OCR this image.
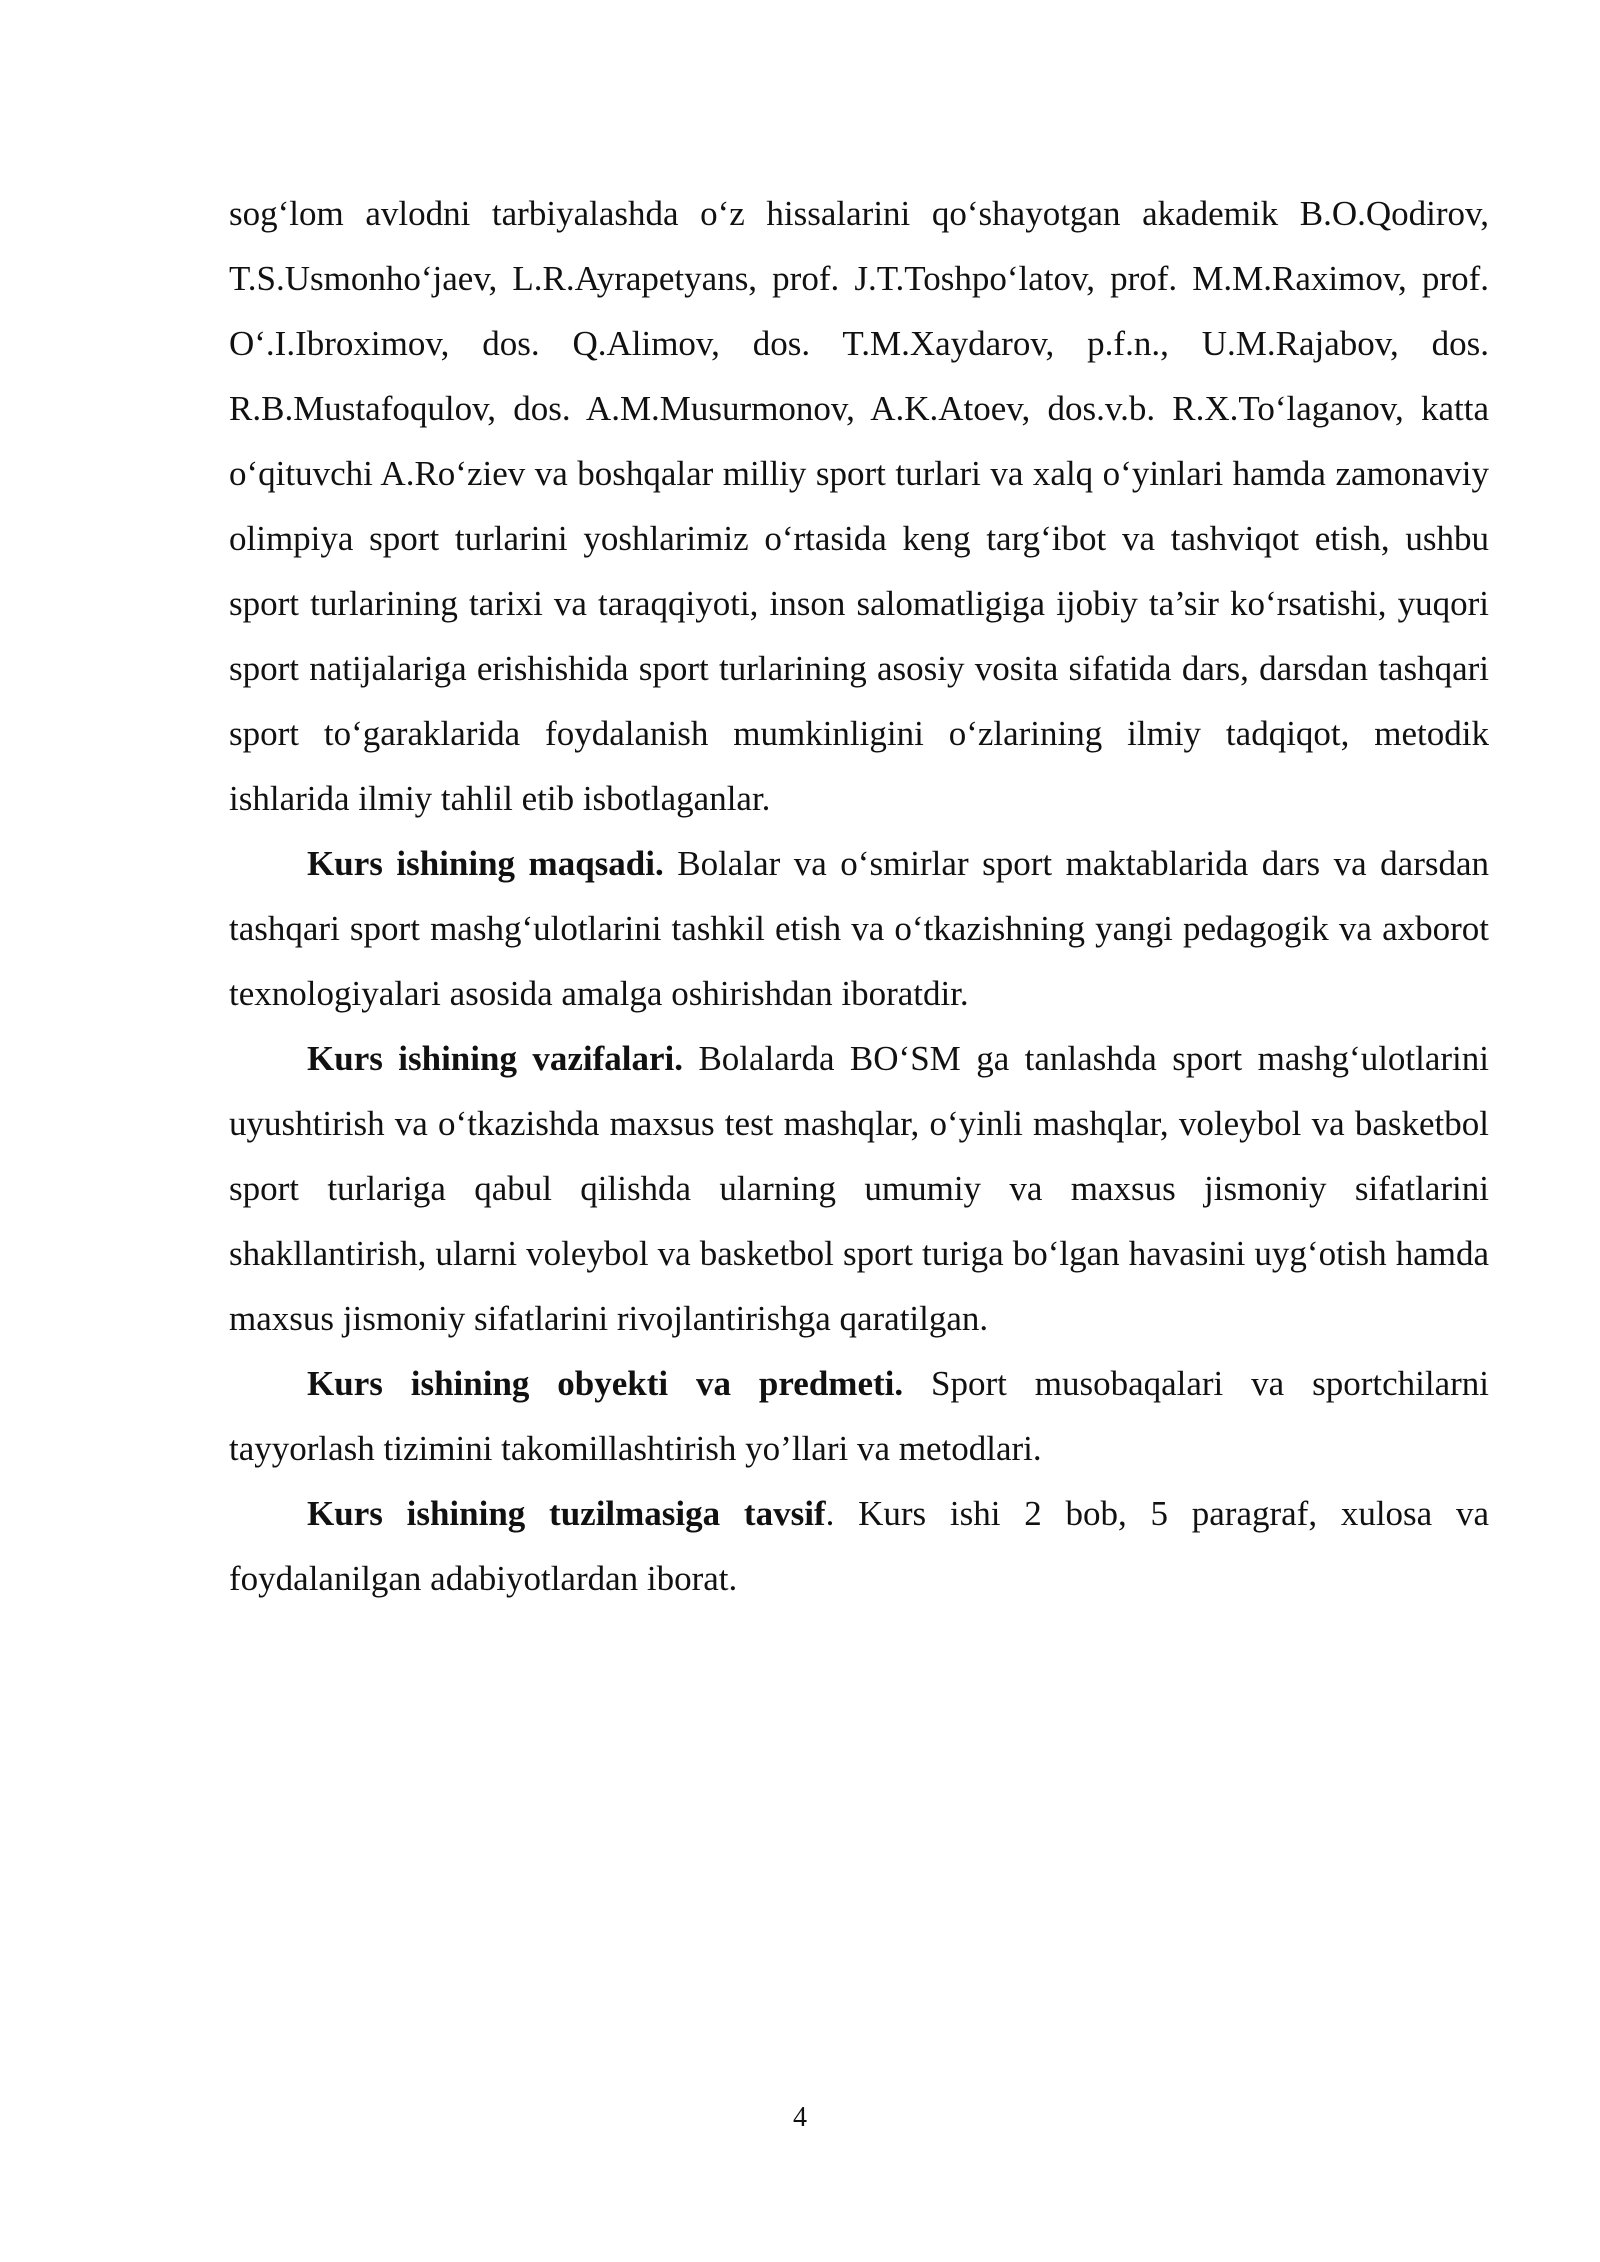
sog‘lom avlodni tarbiyalashda o‘z hissalarini qo‘shayotgan akademik B.O.Qodirov, T.S.Usmonho‘jaev, L.R.Ayrapetyans, prof. J.T.Toshpo‘latov, prof. M.M.Raximov, prof. O‘.I.Ibroximov, dos. Q.Alimov, dos. T.M.Xaydarov, p.f.n., U.M.Rajabov, dos. R.B.Mustafoqulov, dos. A.M.Musurmonov, A.K.Atoev, dos.v.b. R.X.To‘laganov, katta o‘qituvchi A.Ro‘ziev va boshqalar milliy sport turlari va xalq o‘yinlari hamda zamonaviy olimpiya sport turlarini yoshlarimiz o‘rtasida keng targ‘ibot va tashviqot etish, ushbu sport turlarining tarixi va taraqqiyoti, inson salomatligiga ijobiy ta’sir ko‘rsatishi, yuqori sport natijalariga erishishida sport turlarining asosiy vosita sifatida dars, darsdan tashqari sport to‘garaklarida foydalanish mumkinligini o‘zlarining ilmiy tadqiqot, metodik ishlarida ilmiy tahlil etib isbotlaganlar.

Kurs ishining maqsadi. Bolalar va o‘smirlar sport maktablarida dars va darsdan tashqari sport mashg‘ulotlarini tashkil etish va o‘tkazishning yangi pedagogik va axborot texnologiyalari asosida amalga oshirishdan iboratdir.

Kurs ishining vazifalari. Bolalarda BO‘SM ga tanlashda sport mashg‘ulotlarini uyushtirish va o‘tkazishda maxsus test mashqlar, o‘yinli mashqlar, voleybol va basketbol sport turlariga qabul qilishda ularning umumiy va maxsus jismoniy sifatlarini shakllantirish, ularni voleybol va basketbol sport turiga bo‘lgan havasini uyg‘otish hamda maxsus jismoniy sifatlarini rivojlantirishga qaratilgan.

Kurs ishining obyekti va predmeti. Sport musobaqalari va sportchilarni tayyorlash tizimini takomillashtirish yo’llari va metodlari.

Kurs ishining tuzilmasiga tavsif. Kurs ishi 2 bob, 5 paragraf, xulosa va foydalanilgan adabiyotlardan iborat.

4
